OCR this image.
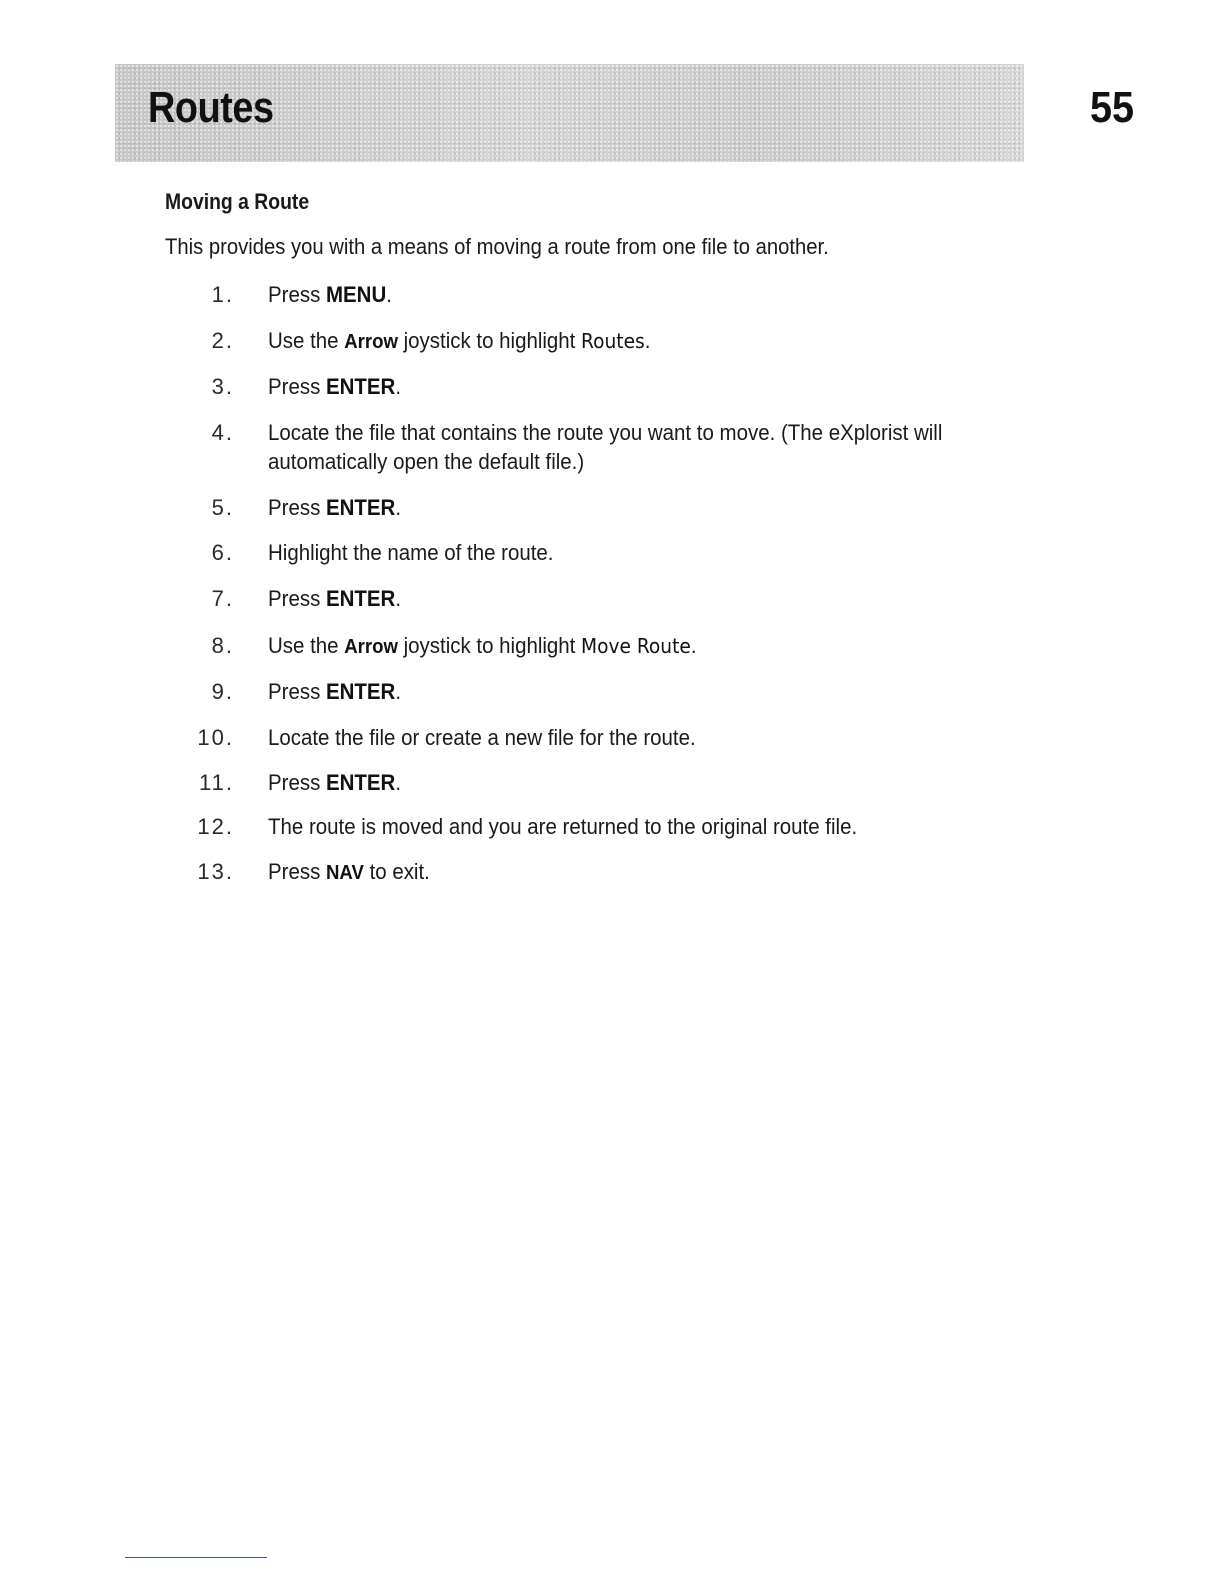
Routes	55
Moving a Route

This provides you with a means of moving a route from one file to another.

1. Press MENU.
2. Use the Arrow joystick to highlight Routes.
3. Press ENTER.
4. Locate the file that contains the route you want to move. (The eXplorist will
automatically open the default file.)
5. Press ENTER.
6. Highlight the name of the route.
7. Press ENTER.
8. Use the Arrow joystick to highlight Move Route.
9. Press ENTER.
10. Locate the file or create a new file for the route.
11. Press ENTER.
12. The route is moved and you are returned to the original route file.
13. Press NAV to exit.
